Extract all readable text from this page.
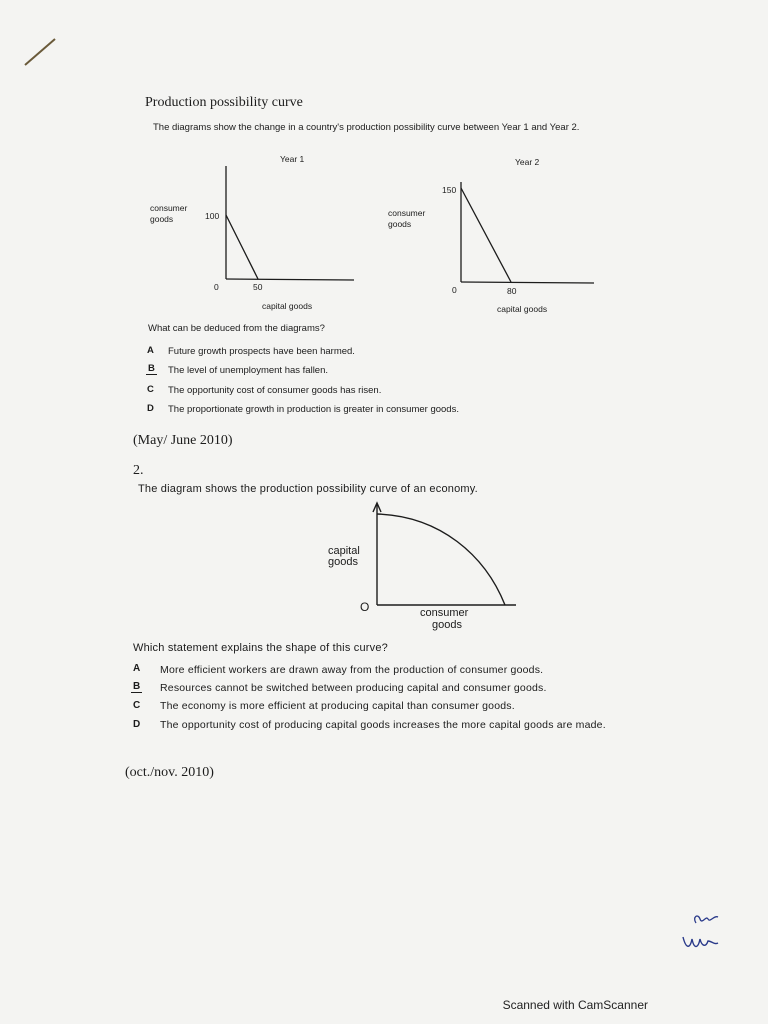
Production possibility curve
The diagrams show the change in a country's production possibility curve between Year 1 and Year 2.
Year 1
consumer
goods	100
0	50
capital goods
Year 2
150
consumer
goods
0	80
capital goods
What can be deduced from the diagrams?
A Future growth prospects have been harmed.
B The level of unemployment has fallen.
C The opportunity cost of consumer goods has risen.
D The proportionate growth in production is greater in consumer goods.
(May/ June 2010)
2.
The diagram shows the production possibility curve of an economy.
capital
goods
O	consumer
goods
Which statement explains the shape of this curve?
A More efficient workers are drawn away from the production of consumer goods.
B Resources cannot be switched between producing capital and consumer goods.
C The economy is more efficient at producing capital than consumer goods.
D The opportunity cost of producing capital goods increases the more capital goods are made.
(oct./nov. 2010)
Scanned with CamScanner
